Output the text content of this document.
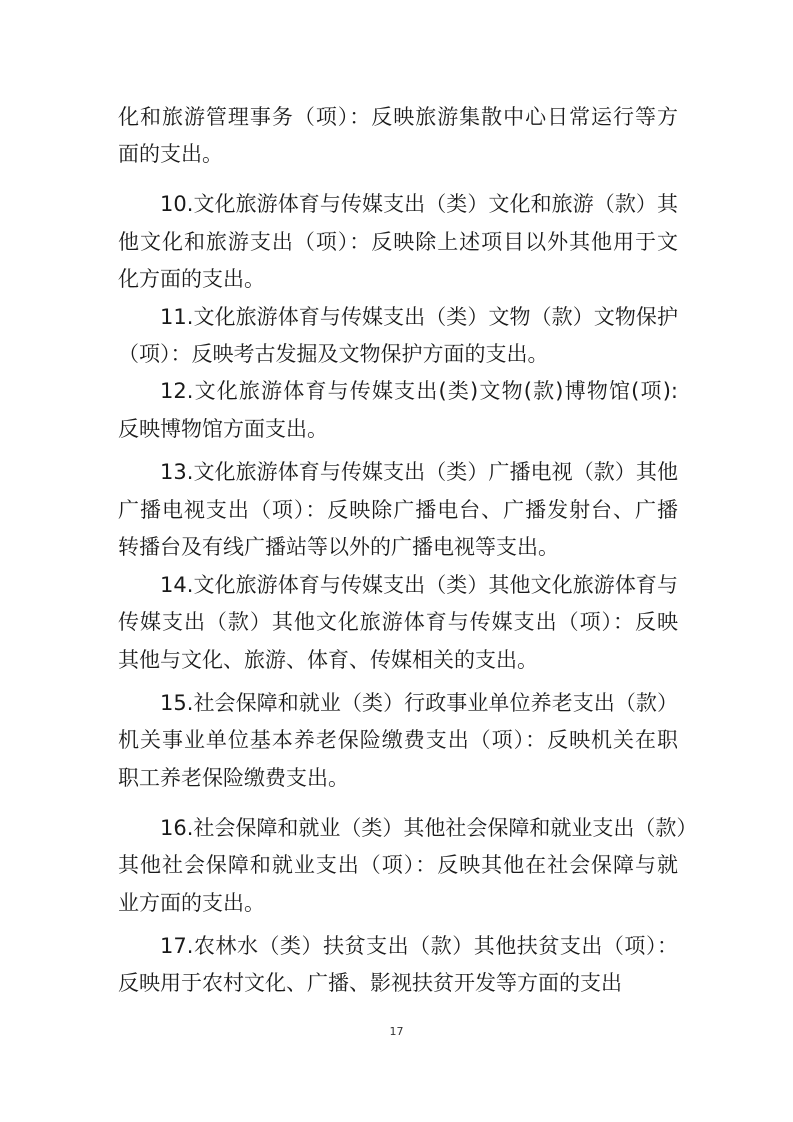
化和旅游管理事务（项）：反映旅游集散中心日常运行等方
面的支出。
10.文化旅游体育与传媒支出（类）文化和旅游（款）其
他文化和旅游支出（项）：反映除上述项目以外其他用于文
化方面的支出。
11.文化旅游体育与传媒支出（类）文物（款）文物保护
（项）：反映考古发掘及文物保护方面的支出。
12.文化旅游体育与传媒支出(类)文物(款)博物馆(项):
反映博物馆方面支出。
13.文化旅游体育与传媒支出（类）广播电视（款）其他
广播电视支出（项）：反映除广播电台、广播发射台、广播
转播台及有线广播站等以外的广播电视等支出。
14.文化旅游体育与传媒支出（类）其他文化旅游体育与
传媒支出（款）其他文化旅游体育与传媒支出（项）：反映
其他与文化、旅游、体育、传媒相关的支出。
15.社会保障和就业（类）行政事业单位养老支出（款）
机关事业单位基本养老保险缴费支出（项）：反映机关在职
职工养老保险缴费支出。
16.社会保障和就业（类）其他社会保障和就业支出（款）
其他社会保障和就业支出（项）：反映其他在社会保障与就
业方面的支出。
17.农林水（类）扶贫支出（款）其他扶贫支出（项）：
反映用于农村文化、广播、影视扶贫开发等方面的支出
17
